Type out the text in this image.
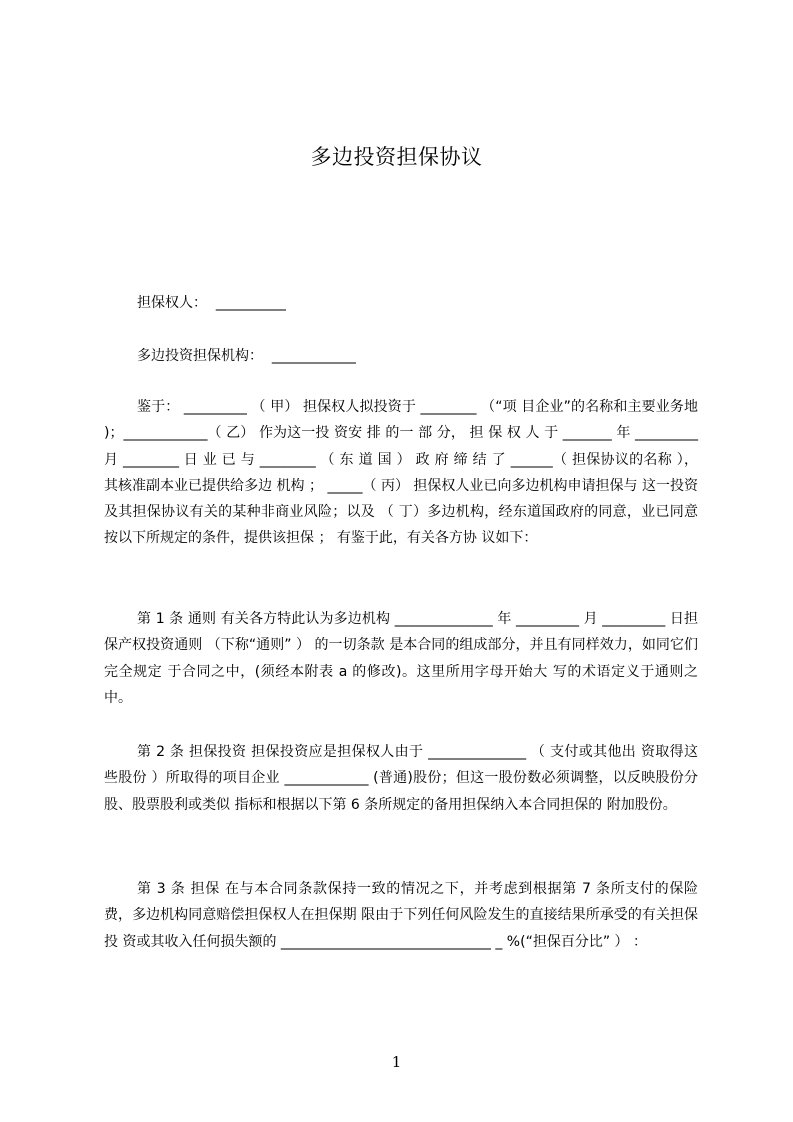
多边投资担保协议
担保权人：  __________
多边投资担保机构：  ____________
鉴于： _________ （ 甲） 担保权人拟投资于 ________ （“项 目企业”的名称和主要业务地 )；____________（ 乙） 作为这一投 资安 排 的一 部 分， 担 保 权 人 于 _______ 年 _________ 月 ________ 日 业 已 与 ________ （ 东 道 国 ） 政 府 缔 结 了 ______（ 担保协议的名称 ），其核准副本业已提供给多边 机构 ； _____（ 丙） 担保权人业已向多边机构申请担保与 这一投资及其担保协议有关的某种非商业风险；以及 （ 丁）多边机构，经东道国政府的同意，业已同意 按以下所规定的条件，提供该担保 ； 有鉴于此，有关各方协 议如下：
第 1 条 通则 有关各方特此认为多边机构 ______________ 年 _________ 月 _________ 日担保产权投资通则 （下称“通则” ） 的一切条款 是本合同的组成部分，并且有同样效力，如同它们完全规定 于合同之中，(须经本附表 a 的修改)。这里所用字母开始大 写的术语定义于通则之中。
第 2 条 担保投资 担保投资应是担保权人由于 ______________ （ 支付或其他出 资取得这些股份 ）所取得的项目企业 ____________ (普通)股份；但这一股份数必须调整，以反映股份分股、股票股利或类似 指标和根据以下第 6 条所规定的备用担保纳入本合同担保的 附加股份。
第 3 条 担保 在与本合同条款保持一致的情况之下，并考虑到根据第 7 条所支付的保险费，多边机构同意赔偿担保权人在担保期 限由于下列任何风险发生的直接结果所承受的有关担保投 资或其收入任何损失额的 ______________________________ _ %(“担保百分比” ） ：
1
